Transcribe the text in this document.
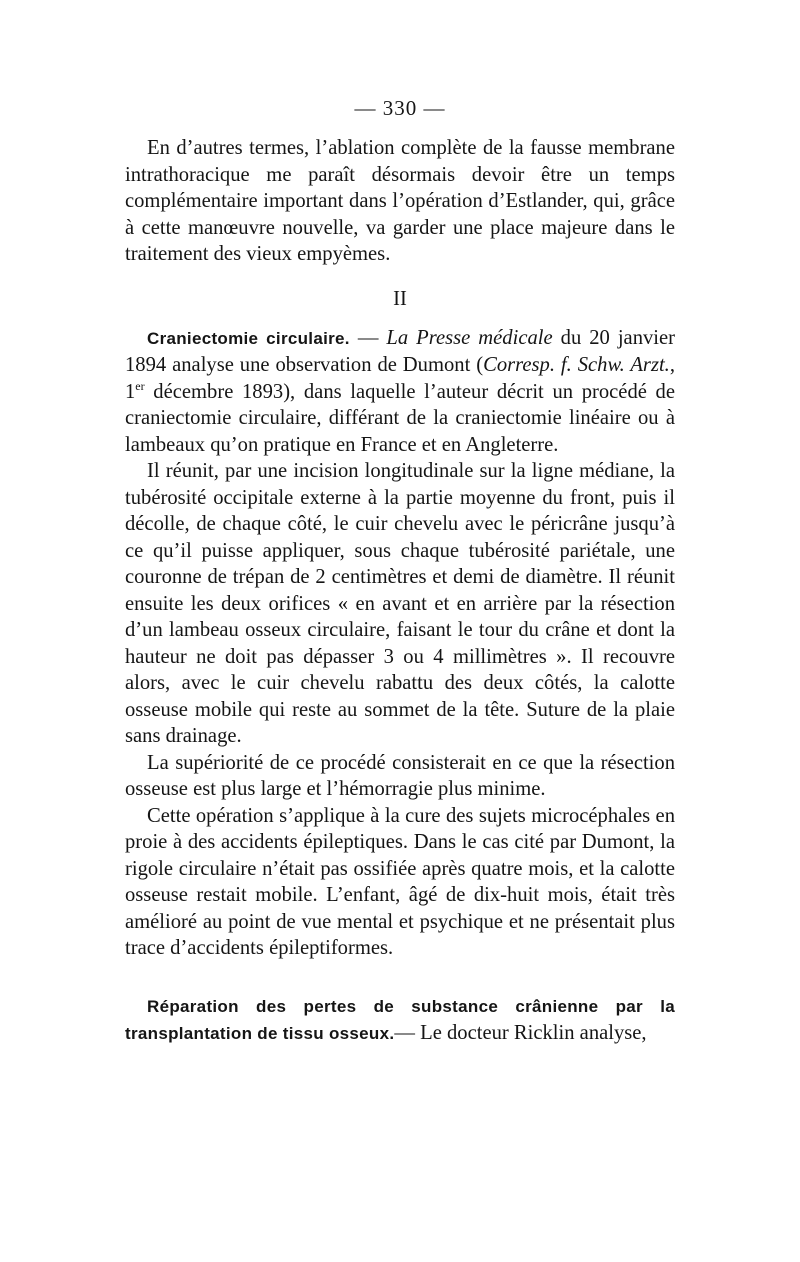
— 330 —

En d’autres termes, l’ablation complète de la fausse membrane intrathoracique me paraît désormais devoir être un temps complémentaire important dans l’opération d’Estlander, qui, grâce à cette manœuvre nouvelle, va garder une place majeure dans le traitement des vieux empyèmes.

II

Craniectomie circulaire. — La Presse médicale du 20 janvier 1894 analyse une observation de Dumont (Corresp. f. Schw. Arzt., 1er décembre 1893), dans laquelle l’auteur décrit un procédé de craniectomie circulaire, différant de la craniectomie linéaire ou à lambeaux qu’on pratique en France et en Angleterre.

Il réunit, par une incision longitudinale sur la ligne médiane, la tubérosité occipitale externe à la partie moyenne du front, puis il décolle, de chaque côté, le cuir chevelu avec le péricrâne jusqu’à ce qu’il puisse appliquer, sous chaque tubérosité pariétale, une couronne de trépan de 2 centimètres et demi de diamètre. Il réunit ensuite les deux orifices « en avant et en arrière par la résection d’un lambeau osseux circulaire, faisant le tour du crâne et dont la hauteur ne doit pas dépasser 3 ou 4 millimètres ». Il recouvre alors, avec le cuir chevelu rabattu des deux côtés, la calotte osseuse mobile qui reste au sommet de la tête. Suture de la plaie sans drainage.

La supériorité de ce procédé consisterait en ce que la résection osseuse est plus large et l’hémorragie plus minime.

Cette opération s’applique à la cure des sujets microcéphales en proie à des accidents épileptiques. Dans le cas cité par Dumont, la rigole circulaire n’était pas ossifiée après quatre mois, et la calotte osseuse restait mobile. L’enfant, âgé de dix-huit mois, était très amélioré au point de vue mental et psychique et ne présentait plus trace d’accidents épileptiformes.

Réparation des pertes de substance crânienne par la transplantation de tissu osseux.— Le docteur Ricklin analyse,
